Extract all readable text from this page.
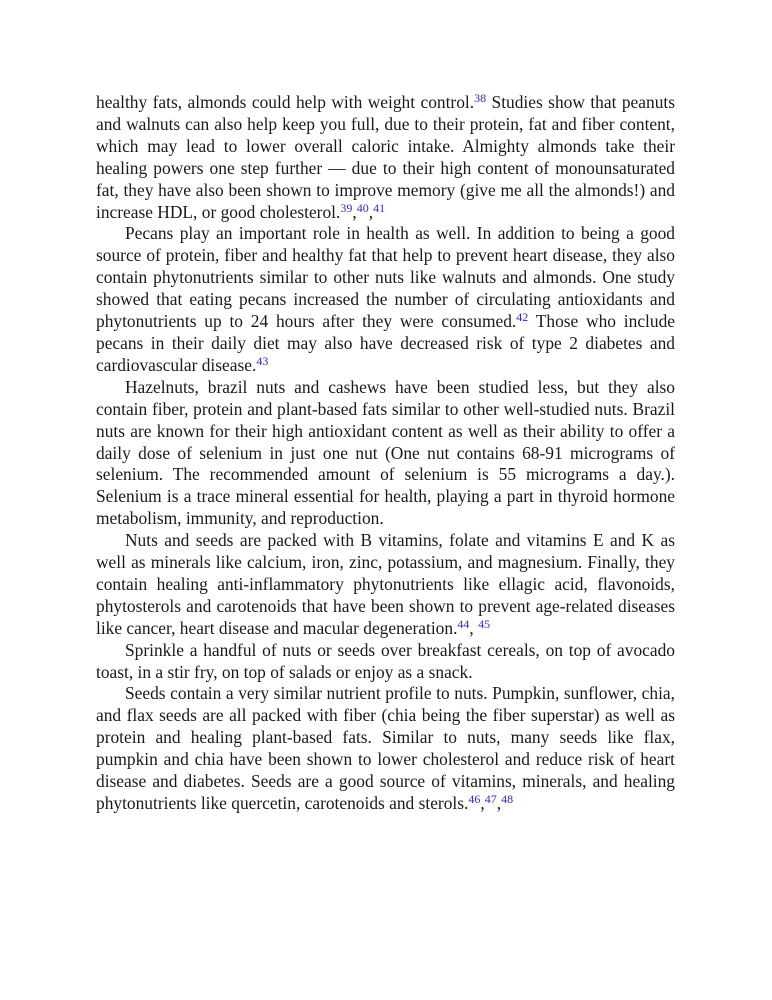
healthy fats, almonds could help with weight control.$^{38}$ Studies show that peanuts and walnuts can also help keep you full, due to their protein, fat and fiber content, which may lead to lower overall caloric intake. Almighty almonds take their healing powers one step further — due to their high content of monounsaturated fat, they have also been shown to improve memory (give me all the almonds!) and increase HDL, or good cholesterol.$^{39}$,$^{40}$,$^{41}$

Pecans play an important role in health as well. In addition to being a good source of protein, fiber and healthy fat that help to prevent heart disease, they also contain phytonutrients similar to other nuts like walnuts and almonds. One study showed that eating pecans increased the number of circulating antioxidants and phytonutrients up to 24 hours after they were consumed.$^{42}$ Those who include pecans in their daily diet may also have decreased risk of type 2 diabetes and cardiovascular disease.$^{43}$

Hazelnuts, brazil nuts and cashews have been studied less, but they also contain fiber, protein and plant-based fats similar to other well-studied nuts. Brazil nuts are known for their high antioxidant content as well as their ability to offer a daily dose of selenium in just one nut (One nut contains 68-91 micrograms of selenium. The recommended amount of selenium is 55 micrograms a day.). Selenium is a trace mineral essential for health, playing a part in thyroid hormone metabolism, immunity, and reproduction.

Nuts and seeds are packed with B vitamins, folate and vitamins E and K as well as minerals like calcium, iron, zinc, potassium, and magnesium. Finally, they contain healing anti-inflammatory phytonutrients like ellagic acid, flavonoids, phytosterols and carotenoids that have been shown to prevent age-related diseases like cancer, heart disease and macular degeneration.$^{44}$, $^{45}$

Sprinkle a handful of nuts or seeds over breakfast cereals, on top of avocado toast, in a stir fry, on top of salads or enjoy as a snack.

Seeds contain a very similar nutrient profile to nuts. Pumpkin, sunflower, chia, and flax seeds are all packed with fiber (chia being the fiber superstar) as well as protein and healing plant-based fats. Similar to nuts, many seeds like flax, pumpkin and chia have been shown to lower cholesterol and reduce risk of heart disease and diabetes. Seeds are a good source of vitamins, minerals, and healing phytonutrients like quercetin, carotenoids and sterols.$^{46}$,$^{47}$,$^{48}$
